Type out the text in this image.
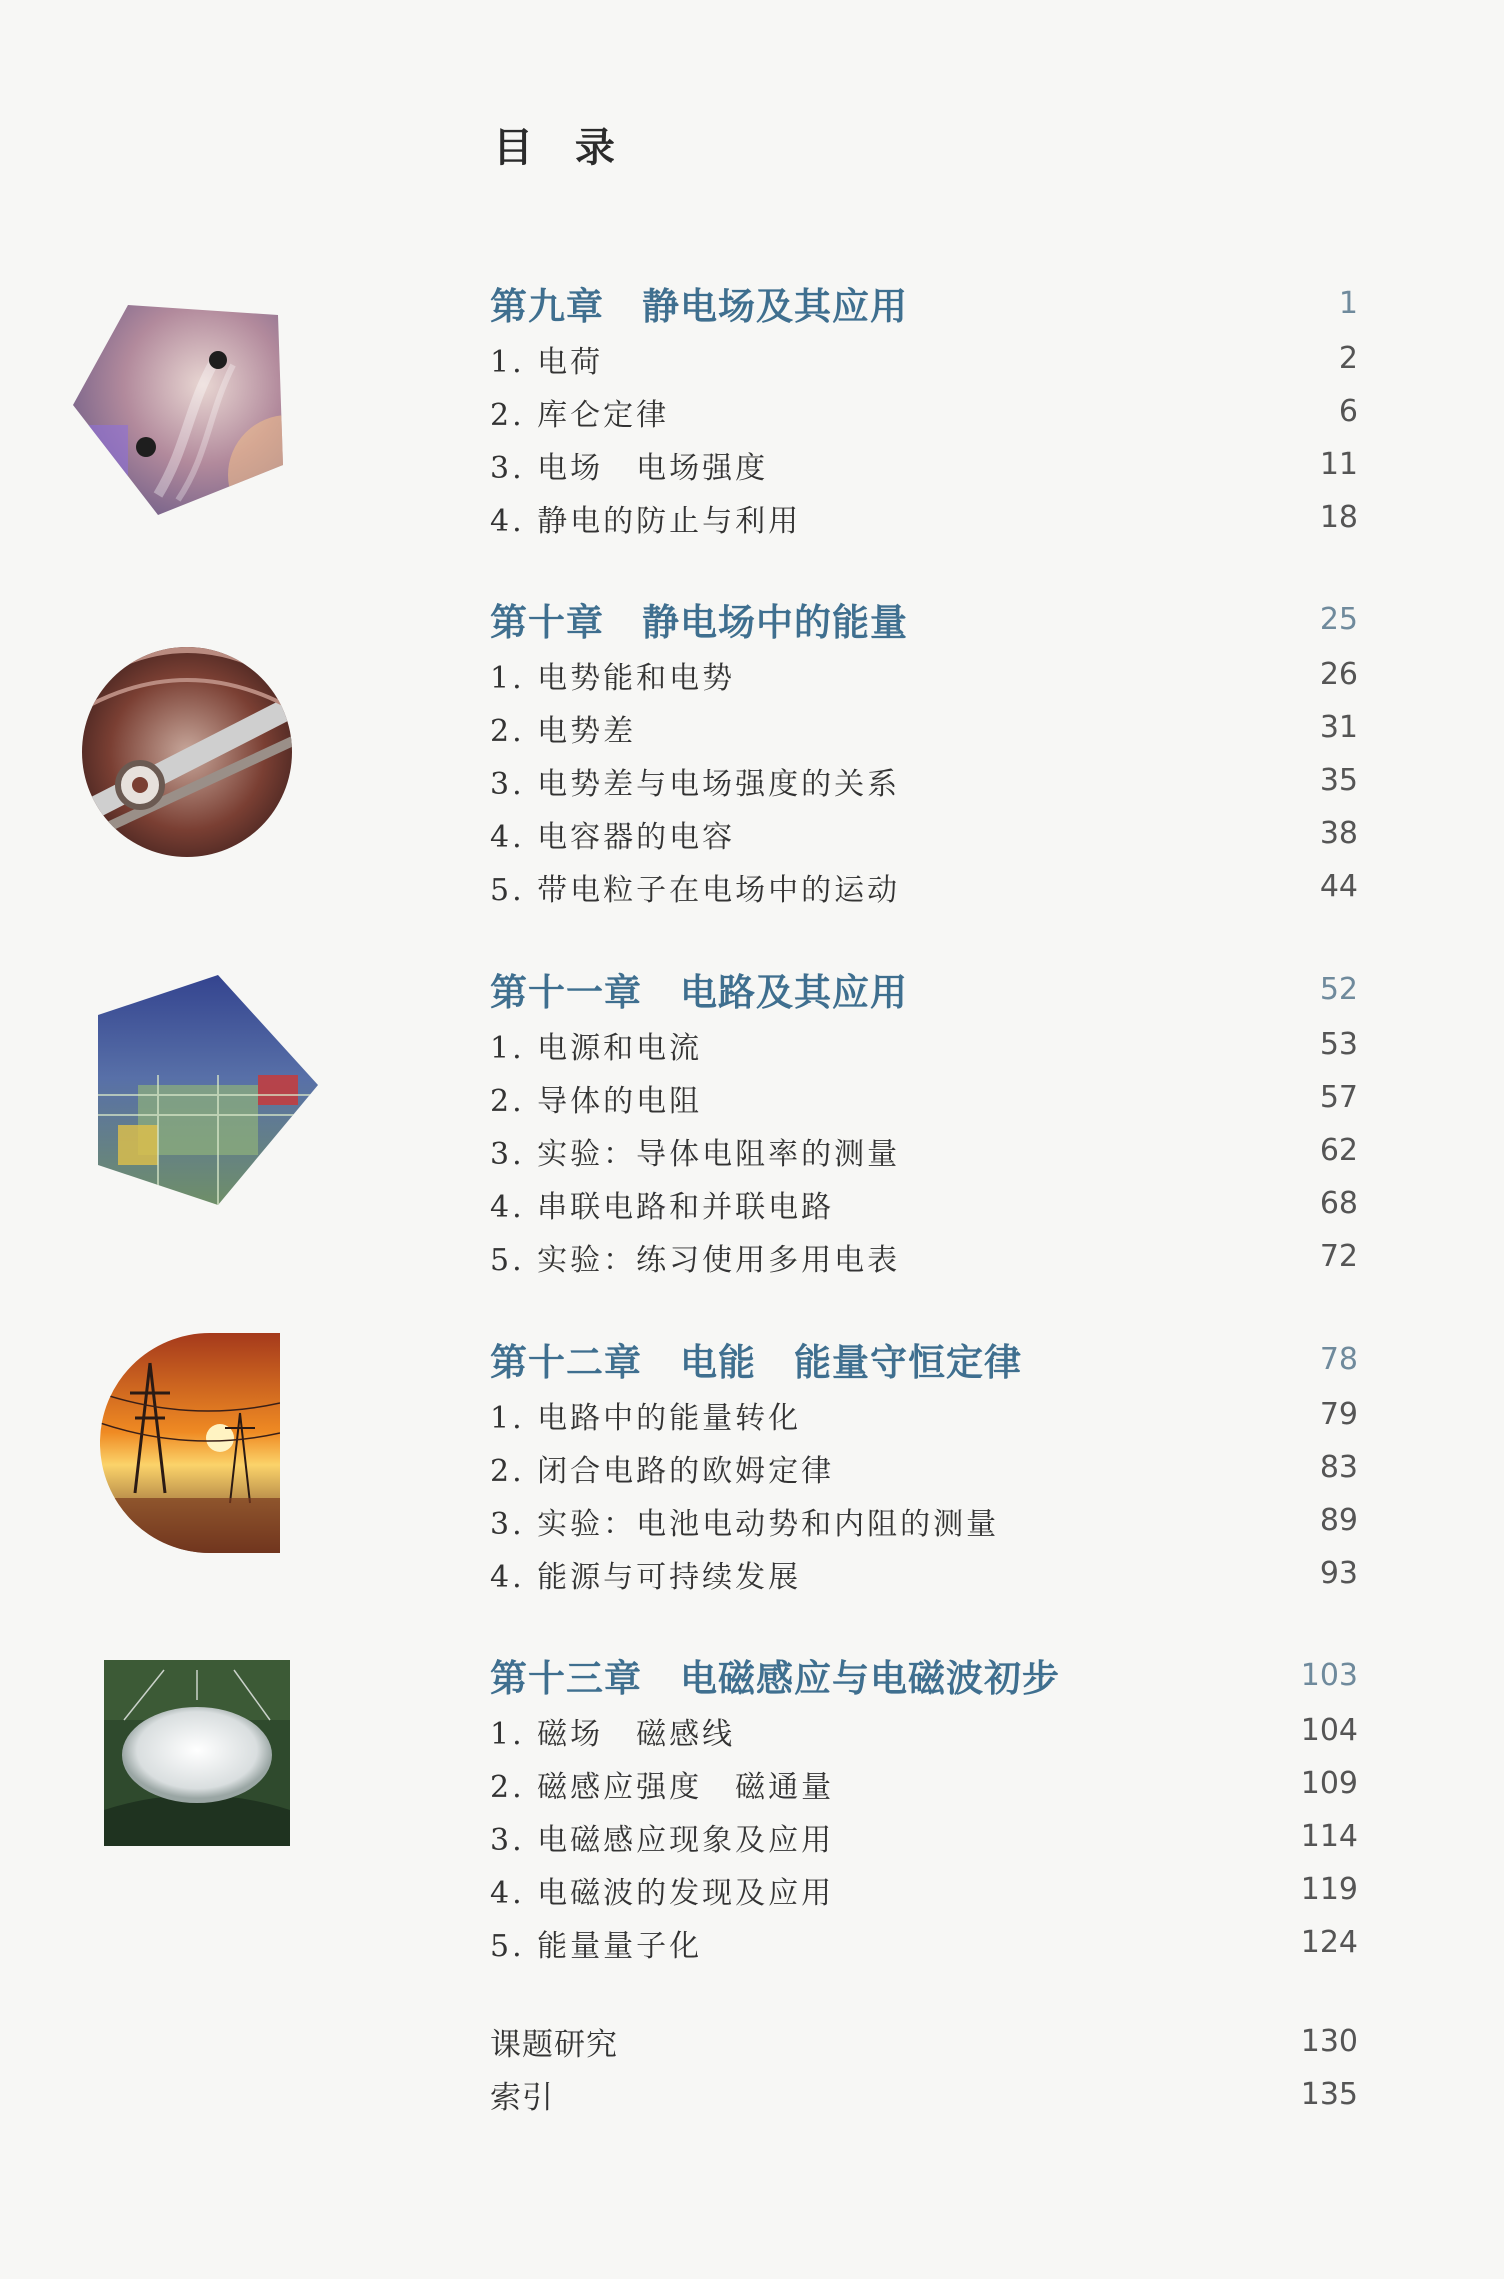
目 录
第九章　静电场及其应用	1
1. 电荷	2
2. 库仑定律	6
3. 电场　电场强度	11
4. 静电的防止与利用	18
第十章　静电场中的能量	25
1. 电势能和电势	26
2. 电势差	31
3. 电势差与电场强度的关系	35
4. 电容器的电容	38
5. 带电粒子在电场中的运动	44
第十一章　电路及其应用	52
1. 电源和电流	53
2. 导体的电阻	57
3. 实验：导体电阻率的测量	62
4. 串联电路和并联电路	68
5. 实验：练习使用多用电表	72
第十二章　电能　能量守恒定律	78
1. 电路中的能量转化	79
2. 闭合电路的欧姆定律	83
3. 实验：电池电动势和内阻的测量	89
4. 能源与可持续发展	93
第十三章　电磁感应与电磁波初步	103
1. 磁场　磁感线	104
2. 磁感应强度　磁通量	109
3. 电磁感应现象及应用	114
4. 电磁波的发现及应用	119
5. 能量量子化	124
课题研究	130
索引	135
